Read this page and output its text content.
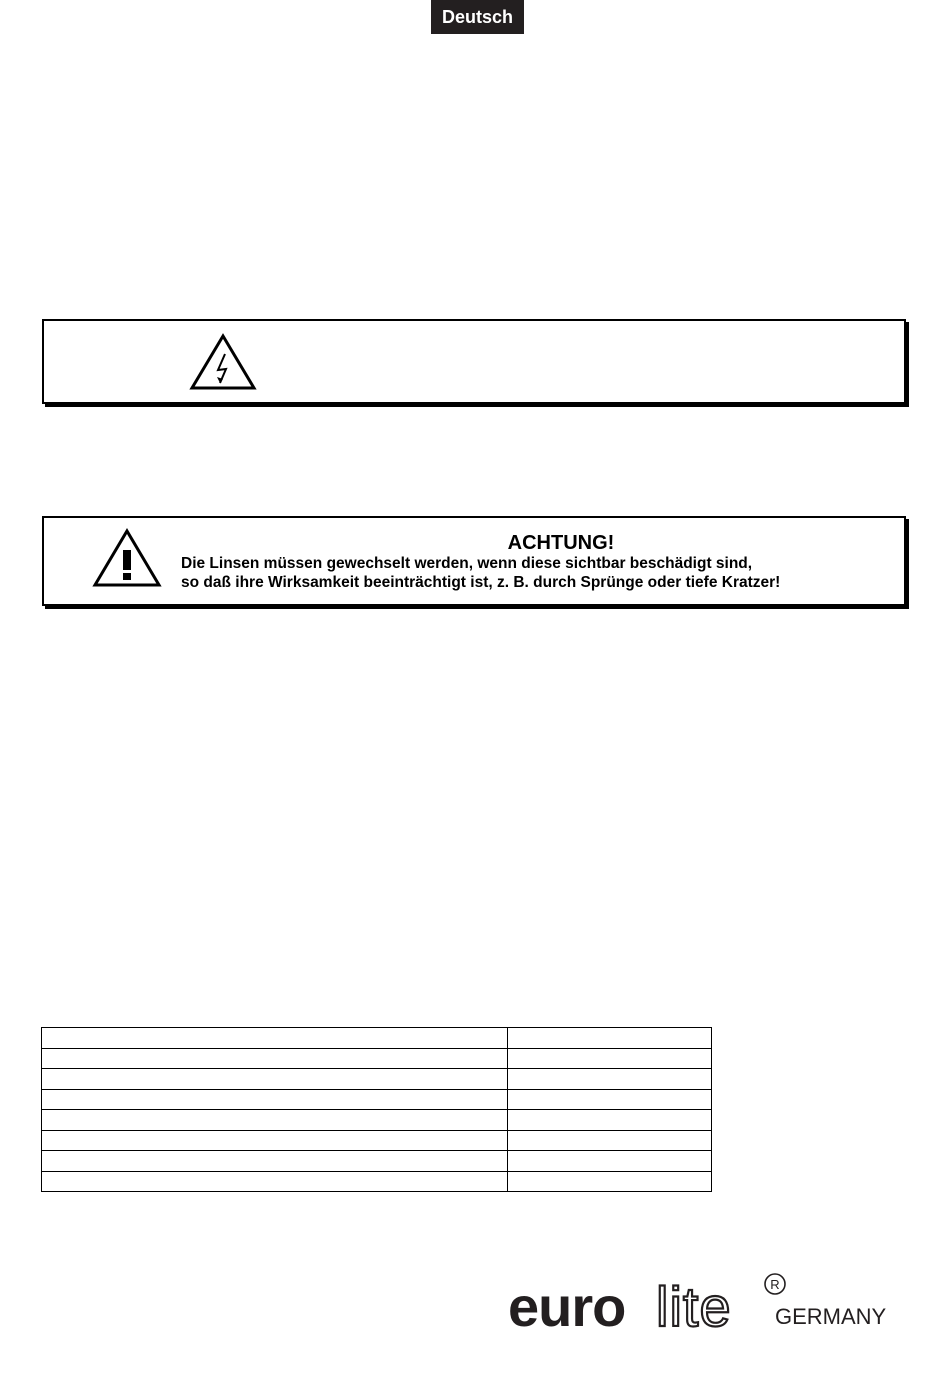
Deutsch
ACHTUNG!
Die Linsen müssen gewechselt werden, wenn diese sichtbar beschädigt sind,
so daß ihre Wirksamkeit beeinträchtigt ist, z. B. durch Sprünge oder tiefe Kratzer!

euro lite	R
GERMANY
